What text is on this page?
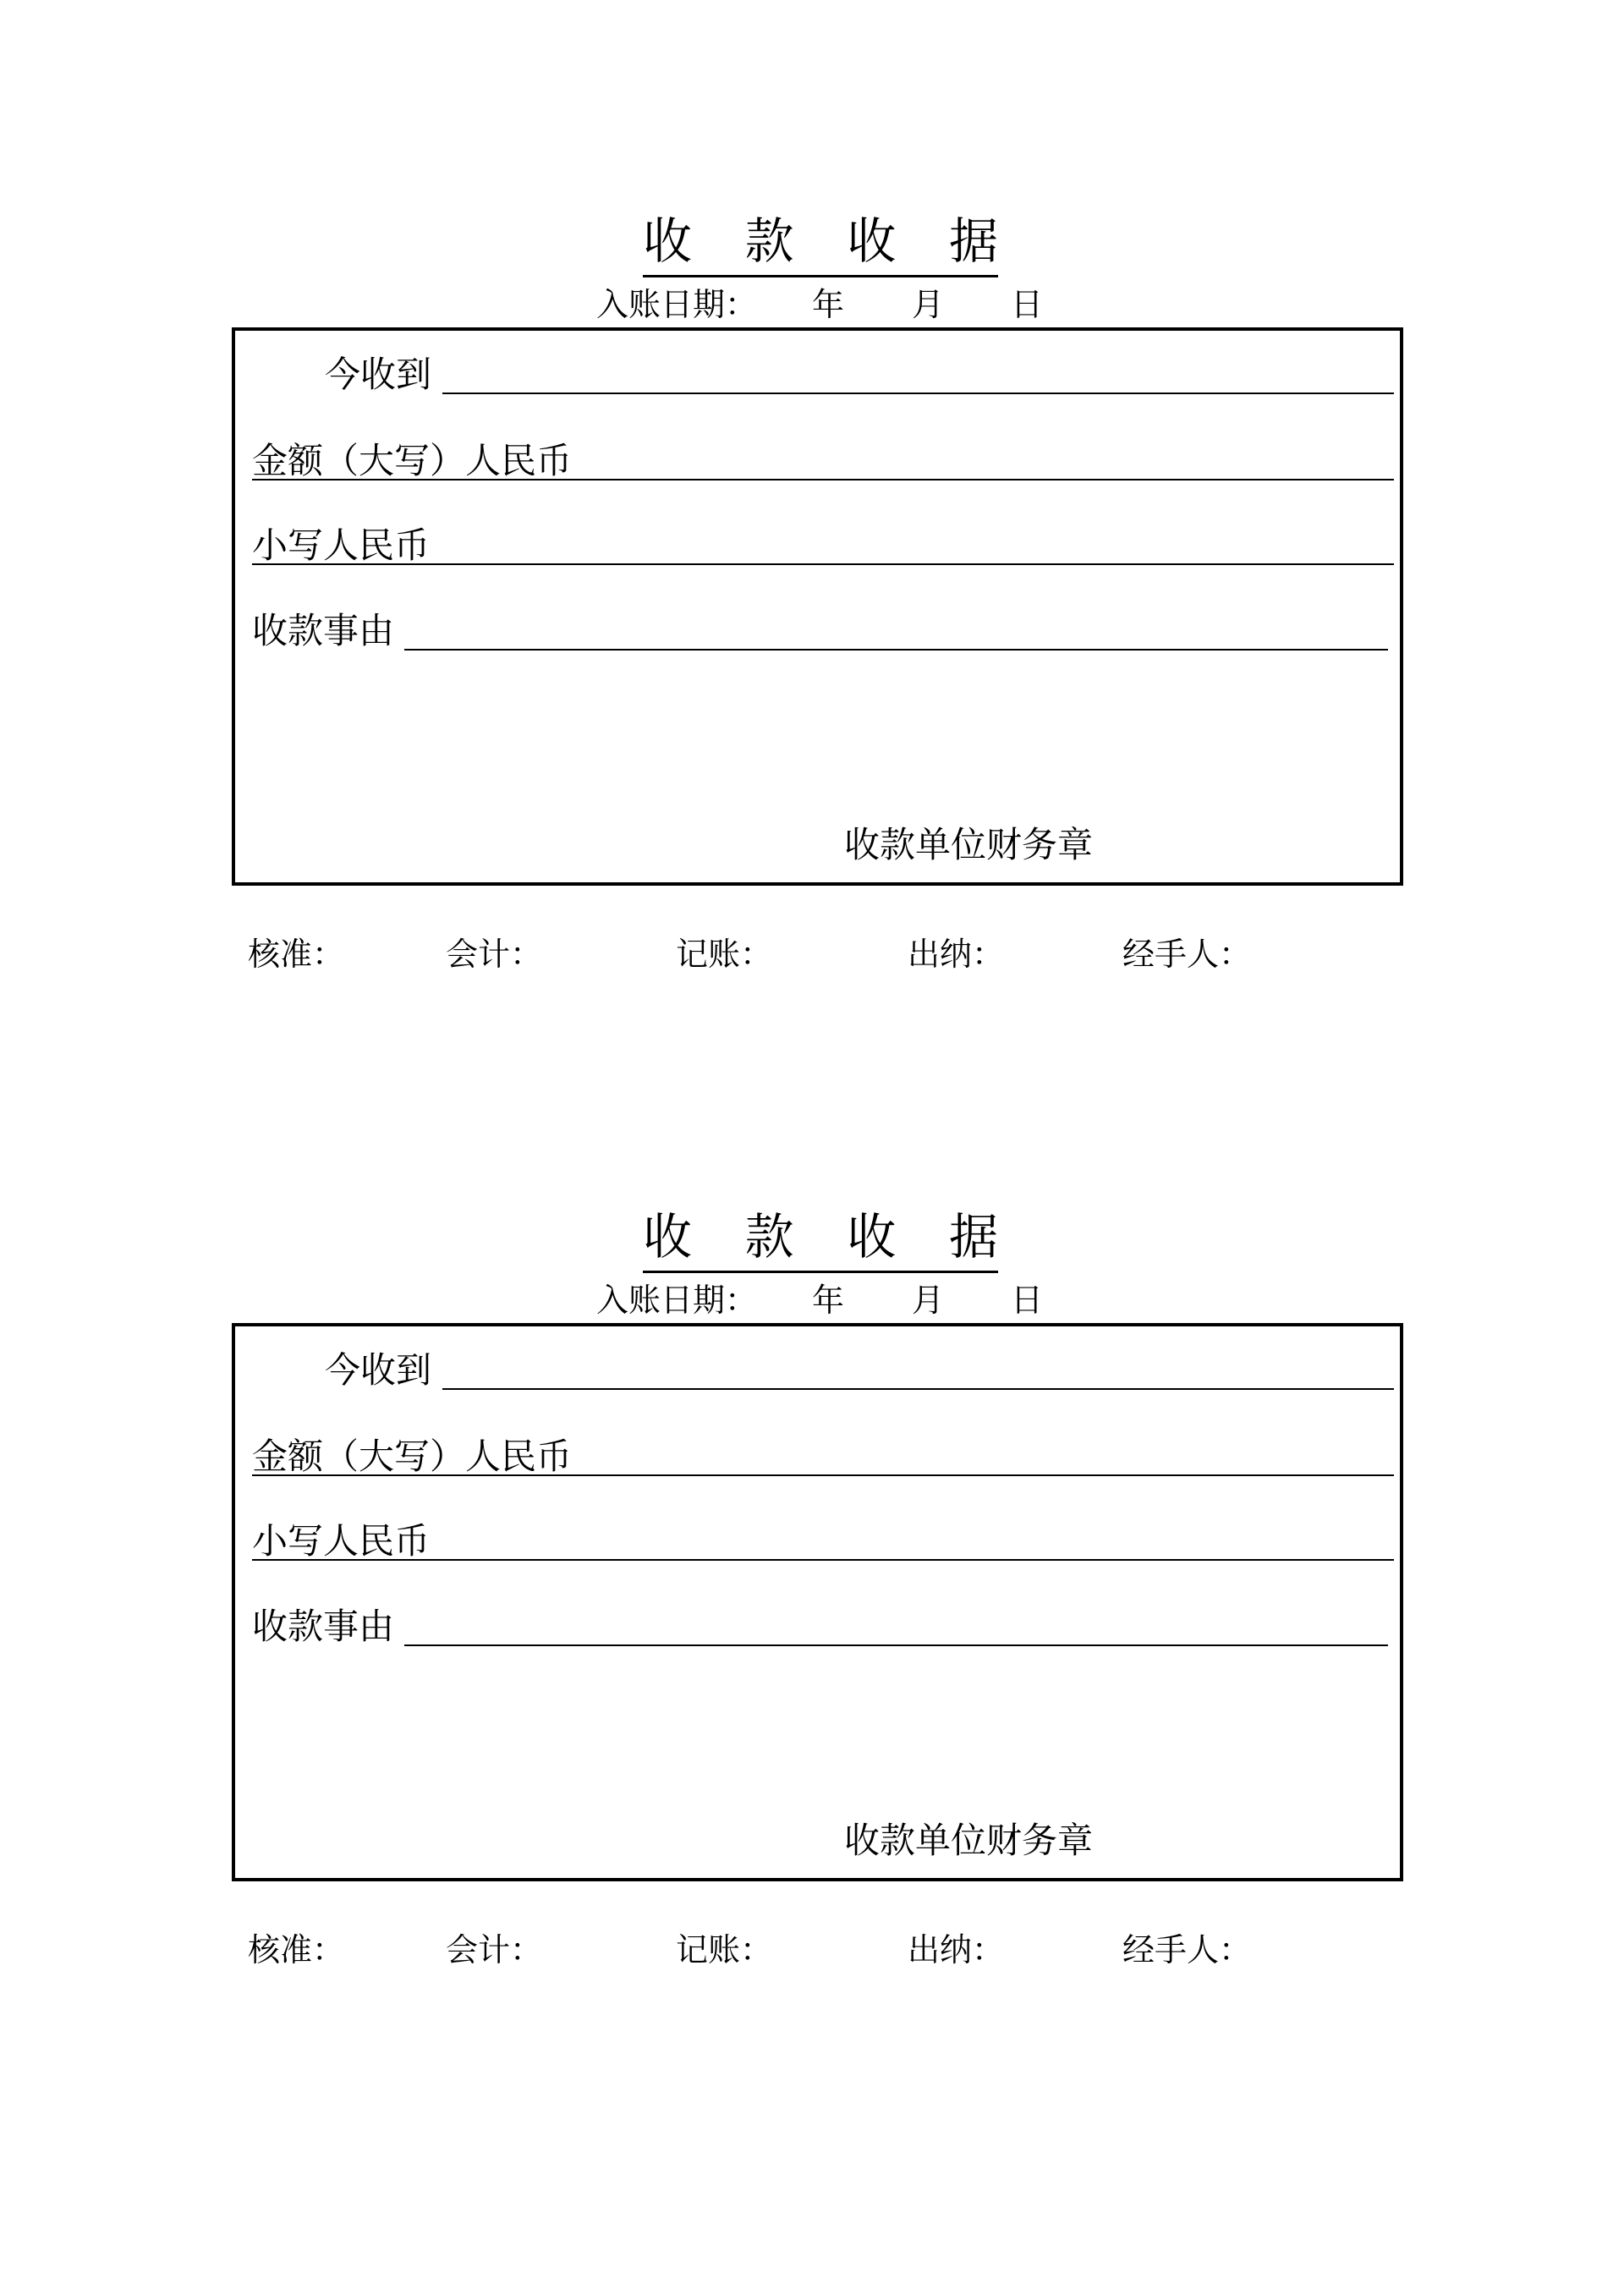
收 款 收 据
入账日期： 年 月 日
今收到
金额（大写）人民币
小写人民币
收款事由
收款单位财务章
核准：	会计：	记账：	出纳：	经手人：
收 款 收 据
入账日期： 年 月 日
今收到
金额（大写）人民币
小写人民币
收款事由
收款单位财务章
核准：	会计：	记账：	出纳：	经手人：
